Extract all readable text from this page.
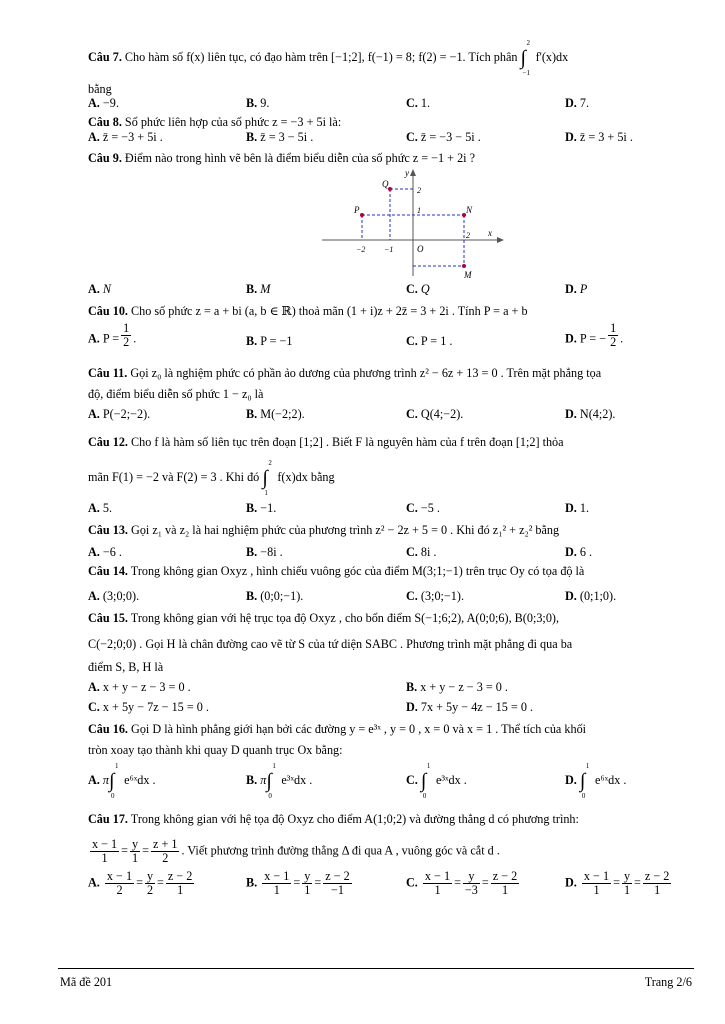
Câu 7. Cho hàm số f(x) liên tục, có đạo hàm trên [−1;2], f(−1) = 8; f(2) = −1. Tích phân ∫
2
−1
f'(x)dx
bằng
A. −9.	B. 9.	C. 1.	D. 7.
Câu 8. Số phức liên hợp của số phức z = −3 + 5i là:
A. z̄ = −3 + 5i .	B. z̄ = 3 − 5i .	C. z̄ = −3 − 5i .	D. z̄ = 3 + 5i .
Câu 9. Điểm nào trong hình vẽ bên là điểm biểu diễn của số phức z = −1 + 2i ?
y
x
O
Q
P	N
M
−2 −1
2
2
1
A. N	B. M	C. Q	D. P
Câu 10. Cho số phức z = a + bi (a, b ∈ ℝ) thoả mãn (1 + i)z + 2z̄ = 3 + 2i . Tính P = a + b
A. $P = \frac{1}{2}$ .	B. P = −1	C. P = 1 .	D. P = − $\frac{1}{2}$ .
Câu 11. Gọi z₀ là nghiệm phức có phần ảo dương của phương trình z² − 6z + 13 = 0 . Trên mặt phẳng tọa
độ, điểm biểu diễn số phức 1 − z₀ là
A. P(−2;−2).	B. M(−2;2).	C. Q(4;−2).	D. N(4;2).
Câu 12. Cho f là hàm số liên tục trên đoạn [1;2] . Biết F là nguyên hàm của f trên đoạn [1;2] thỏa
mãn F(1) = −2 và F(2) = 3 . Khi đó ∫
2
1
f(x)dx bằng
A. 5.	B. −1.	C. −5 .	D. 1.
Câu 13. Gọi z₁ và z₂ là hai nghiệm phức của phương trình z² − 2z + 5 = 0 . Khi đó z₁² + z₂² bằng
A. −6 .	B. −8i .	C. 8i .	D. 6 .
Câu 14. Trong không gian Oxyz , hình chiếu vuông góc của điểm M(3;1;−1) trên trục Oy có tọa độ là
A. (3;0;0).	B. (0;0;−1).	C. (3;0;−1).	D. (0;1;0).
Câu 15. Trong không gian với hệ trục tọa độ Oxyz , cho bốn điểm S(−1;6;2), A(0;0;6), B(0;3;0),
C(−2;0;0) . Gọi H là chân đường cao vẽ từ S của tứ diện SABC . Phương trình mặt phẳng đi qua ba
điểm S, B, H là
A. x + y − z − 3 = 0 .	B. x + y − z − 3 = 0 .
C. x + 5y − 7z − 15 = 0 .	D. 7x + 5y − 4z − 15 = 0 .
Câu 16. Gọi D là hình phẳng giới hạn bởi các đường y = e³ˣ , y = 0 , x = 0 và x = 1 . Thể tích của khối
tròn xoay tạo thành khi quay D quanh trục Ox bằng:
A. π∫
1
0
e⁶ˣdx .	B. π∫
1
0
e³ˣdx .	C. ∫
1
0
e³ˣdx .	D. ∫
1
0
e⁶ˣdx .
Câu 17. Trong không gian với hệ tọa độ Oxyz cho điểm A(1;0;2) và đường thẳng d có phương trình:
$\frac{x - 1}{1} = \frac{y}{1} = \frac{z + 1}{2}$ . Viết phương trình đường thẳng Δ đi qua A , vuông góc và cắt d .
A. $\frac{x - 1}{2} = \frac{y}{2} = \frac{z - 2}{1}$	B. $\frac{x - 1}{1} = \frac{y}{1} = \frac{z - 2}{-1}$	C. $\frac{x - 1}{1} = \frac{y}{-3} = \frac{z - 2}{1}$	D. $\frac{x - 1}{1} = \frac{y}{1} = \frac{z - 2}{1}$
Mã đề 201	Trang 2/6
